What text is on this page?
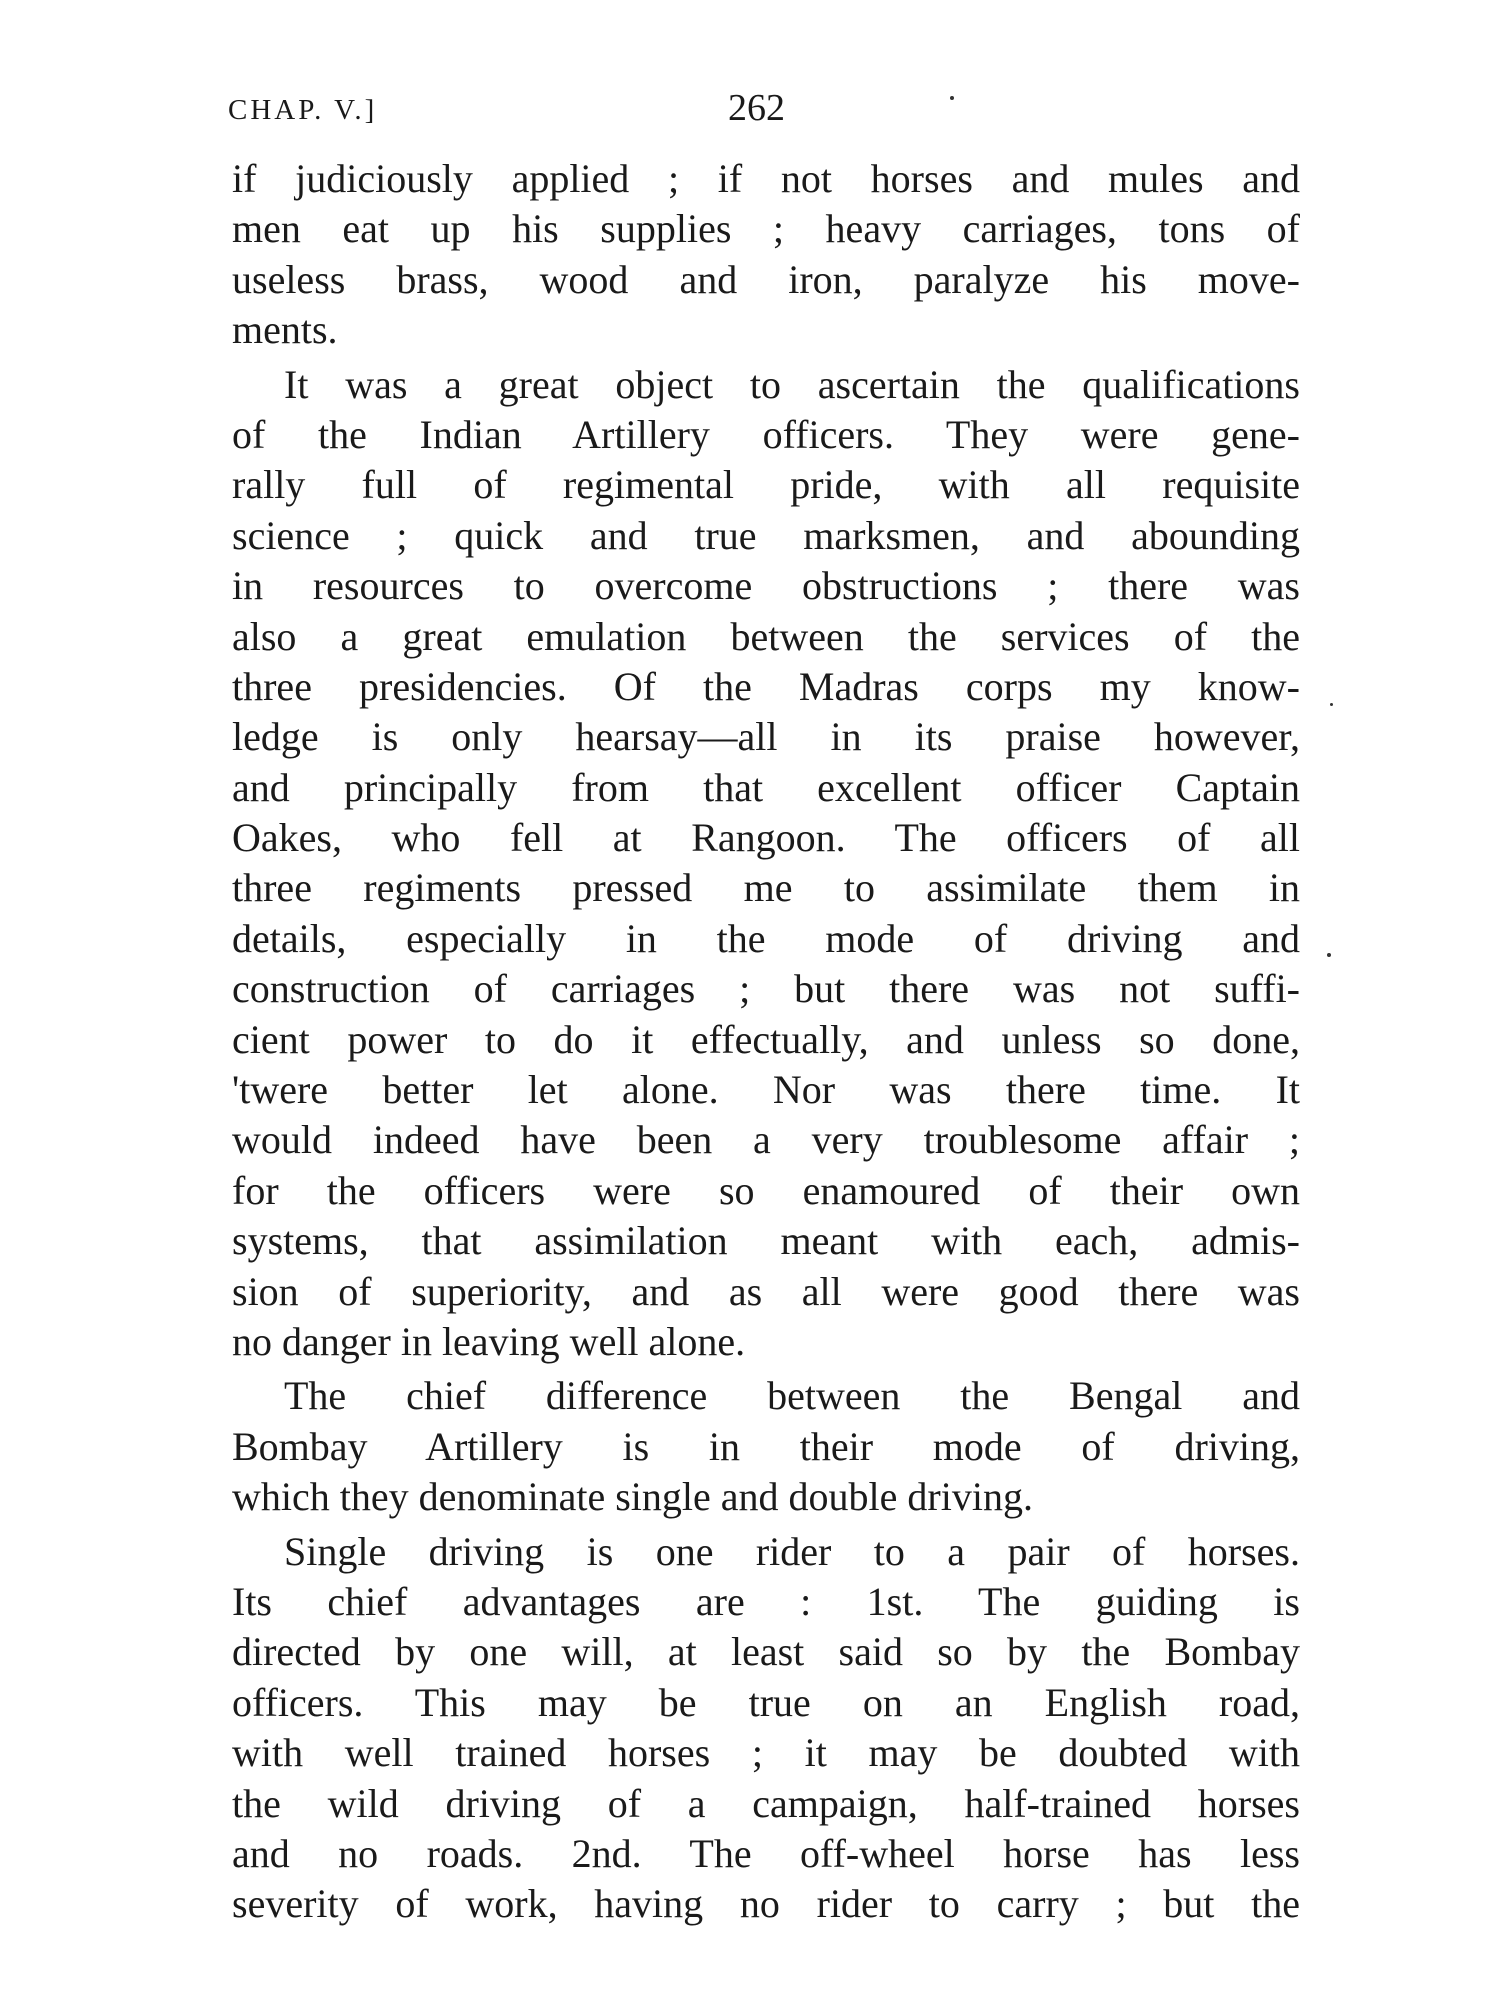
CHAP. V.]	262

if judiciously applied ; if not horses and mules and
men eat up his supplies ; heavy carriages, tons of
useless brass, wood and iron, paralyze his move-
ments.

It was a great object to ascertain the qualifications
of the Indian Artillery officers. They were gene-
rally full of regimental pride, with all requisite
science ; quick and true marksmen, and abounding
in resources to overcome obstructions ; there was
also a great emulation between the services of the
three presidencies. Of the Madras corps my know-
ledge is only hearsay—all in its praise however,
and principally from that excellent officer Captain
Oakes, who fell at Rangoon. The officers of all
three regiments pressed me to assimilate them in
details, especially in the mode of driving and
construction of carriages ; but there was not suffi-
cient power to do it effectually, and unless so done,
'twere better let alone. Nor was there time. It
would indeed have been a very troublesome affair ;
for the officers were so enamoured of their own
systems, that assimilation meant with each, admis-
sion of superiority, and as all were good there was
no danger in leaving well alone.

The chief difference between the Bengal and
Bombay Artillery is in their mode of driving,
which they denominate single and double driving.

Single driving is one rider to a pair of horses.
Its chief advantages are : 1st. The guiding is
directed by one will, at least said so by the Bombay
officers. This may be true on an English road,
with well trained horses ; it may be doubted with
the wild driving of a campaign, half-trained horses
and no roads. 2nd. The off-wheel horse has less
severity of work, having no rider to carry ; but the
